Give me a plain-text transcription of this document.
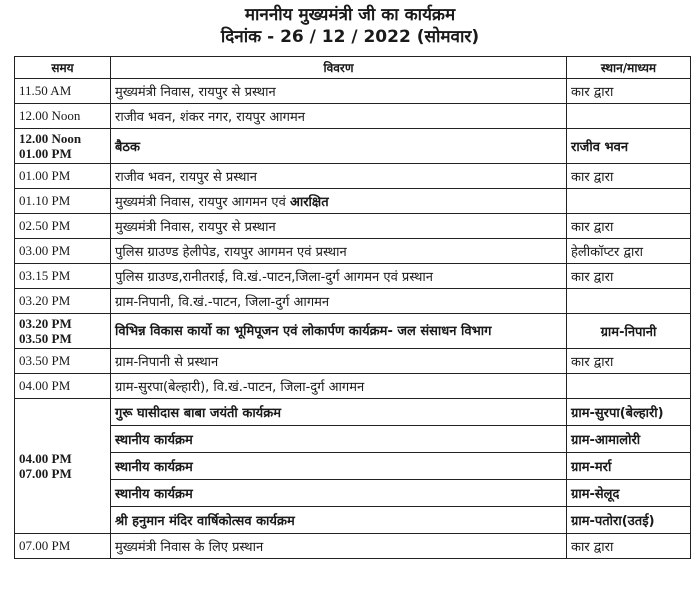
माननीय मुख्यमंत्री जी का कार्यक्रम

दिनांक - 26 / 12 / 2022 (सोमवार)

समय	विवरण	स्थान/माध्यम
11.50 AM	मुख्यमंत्री निवास, रायपुर से प्रस्थान	कार द्वारा
12.00 Noon	राजीव भवन, शंकर नगर, रायपुर आगमन	

12.00 Noon
01.00 PM	बैठक	राजीव भवन
01.00 PM	राजीव भवन, रायपुर से प्रस्थान	कार द्वारा
01.10 PM	मुख्यमंत्री निवास, रायपुर आगमन एवं आरक्षित	
02.50 PM	मुख्यमंत्री निवास, रायपुर से प्रस्थान	कार द्वारा
03.00 PM	पुलिस ग्राउण्ड हेलीपेड, रायपुर आगमन एवं प्रस्थान	हेलीकॉप्टर द्वारा
03.15 PM	पुलिस ग्राउण्ड,रानीतराई, वि.खं.-पाटन,जिला-दुर्ग आगमन एवं प्रस्थान	कार द्वारा
03.20 PM	ग्राम-निपानी, वि.खं.-पाटन, जिला-दुर्ग आगमन	

03.20 PM
03.50 PM	विभिन्न विकास कार्यो का भूमिपूजन एवं लोकार्पण कार्यक्रम- जल संसाधन विभाग	ग्राम-निपानी
03.50 PM	ग्राम-निपानी से प्रस्थान	कार द्वारा
04.00 PM	ग्राम-सुरपा(बेल्हारी), वि.खं.-पाटन, जिला-दुर्ग आगमन	

04.00 PM
07.00 PM	गुरू घासीदास बाबा जयंती कार्यक्रम	ग्राम-सुरपा(बेल्हारी)
	स्थानीय कार्यक्रम	ग्राम-आमालोरी
	स्थानीय कार्यक्रम	ग्राम-मर्रा
	स्थानीय कार्यक्रम	ग्राम-सेलूद
	श्री हनुमान मंदिर वार्षिकोत्सव कार्यक्रम	ग्राम-पतोरा(उतई)
07.00 PM	मुख्यमंत्री निवास के लिए प्रस्थान	कार द्वारा
